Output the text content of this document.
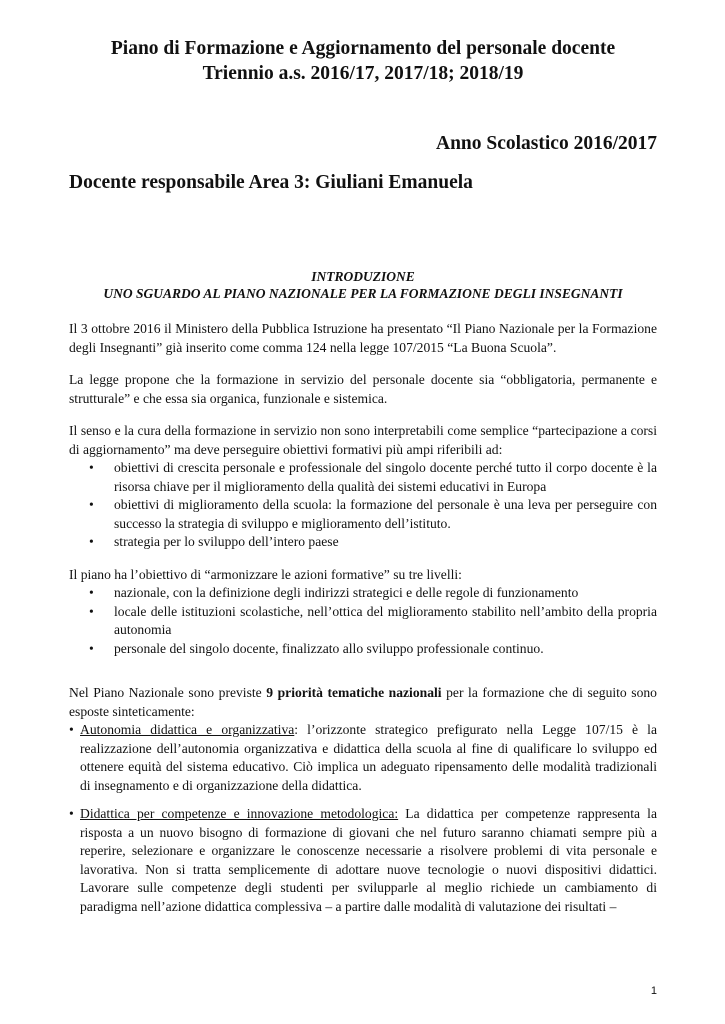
Piano di Formazione e Aggiornamento del personale docente
Triennio a.s. 2016/17, 2017/18; 2018/19
Anno Scolastico 2016/2017
Docente responsabile Area 3: Giuliani Emanuela
INTRODUZIONE
UNO SGUARDO AL PIANO NAZIONALE PER LA FORMAZIONE DEGLI INSEGNANTI

Il 3 ottobre 2016 il Ministero della Pubblica Istruzione ha presentato “Il Piano Nazionale per la Formazione degli Insegnanti” già inserito come comma 124 nella legge 107/2015 “La Buona Scuola”.

La legge propone che la formazione in servizio del personale docente sia “obbligatoria, permanente e strutturale” e che essa sia organica, funzionale e sistemica.

Il senso e la cura della formazione in servizio non sono interpretabili come semplice “partecipazione a corsi di aggiornamento” ma deve perseguire obiettivi formativi più ampi riferibili ad:

• obiettivi di crescita personale e professionale del singolo docente perché tutto il corpo docente è la risorsa chiave per il miglioramento della qualità dei sistemi educativi in Europa
• obiettivi di miglioramento della scuola: la formazione del personale è una leva per perseguire con successo la strategia di sviluppo e miglioramento dell’istituto.
• strategia per lo sviluppo dell’intero paese

Il piano ha l’obiettivo di “armonizzare le azioni formative” su tre livelli:

• nazionale, con la definizione degli indirizzi strategici e delle regole di funzionamento
• locale delle istituzioni scolastiche, nell’ottica del miglioramento stabilito nell’ambito della propria autonomia
• personale del singolo docente, finalizzato allo sviluppo professionale continuo.

Nel Piano Nazionale sono previste 9 priorità tematiche nazionali per la formazione che di seguito sono esposte sinteticamente:

• Autonomia didattica e organizzativa: l’orizzonte strategico prefigurato nella Legge 107/15 è la realizzazione dell’autonomia organizzativa e didattica della scuola al fine di qualificare lo sviluppo ed ottenere equità del sistema educativo. Ciò implica un adeguato ripensamento delle modalità tradizionali di insegnamento e di organizzazione della didattica.
• Didattica per competenze e innovazione metodologica: La didattica per competenze rappresenta la risposta a un nuovo bisogno di formazione di giovani che nel futuro saranno chiamati sempre più a reperire, selezionare e organizzare le conoscenze necessarie a risolvere problemi di vita personale e lavorativa. Non si tratta semplicemente di adottare nuove tecnologie o nuovi dispositivi didattici. Lavorare sulle competenze degli studenti per svilupparle al meglio richiede un cambiamento di paradigma nell’azione didattica complessiva – a partire dalle modalità di valutazione dei risultati –
1
